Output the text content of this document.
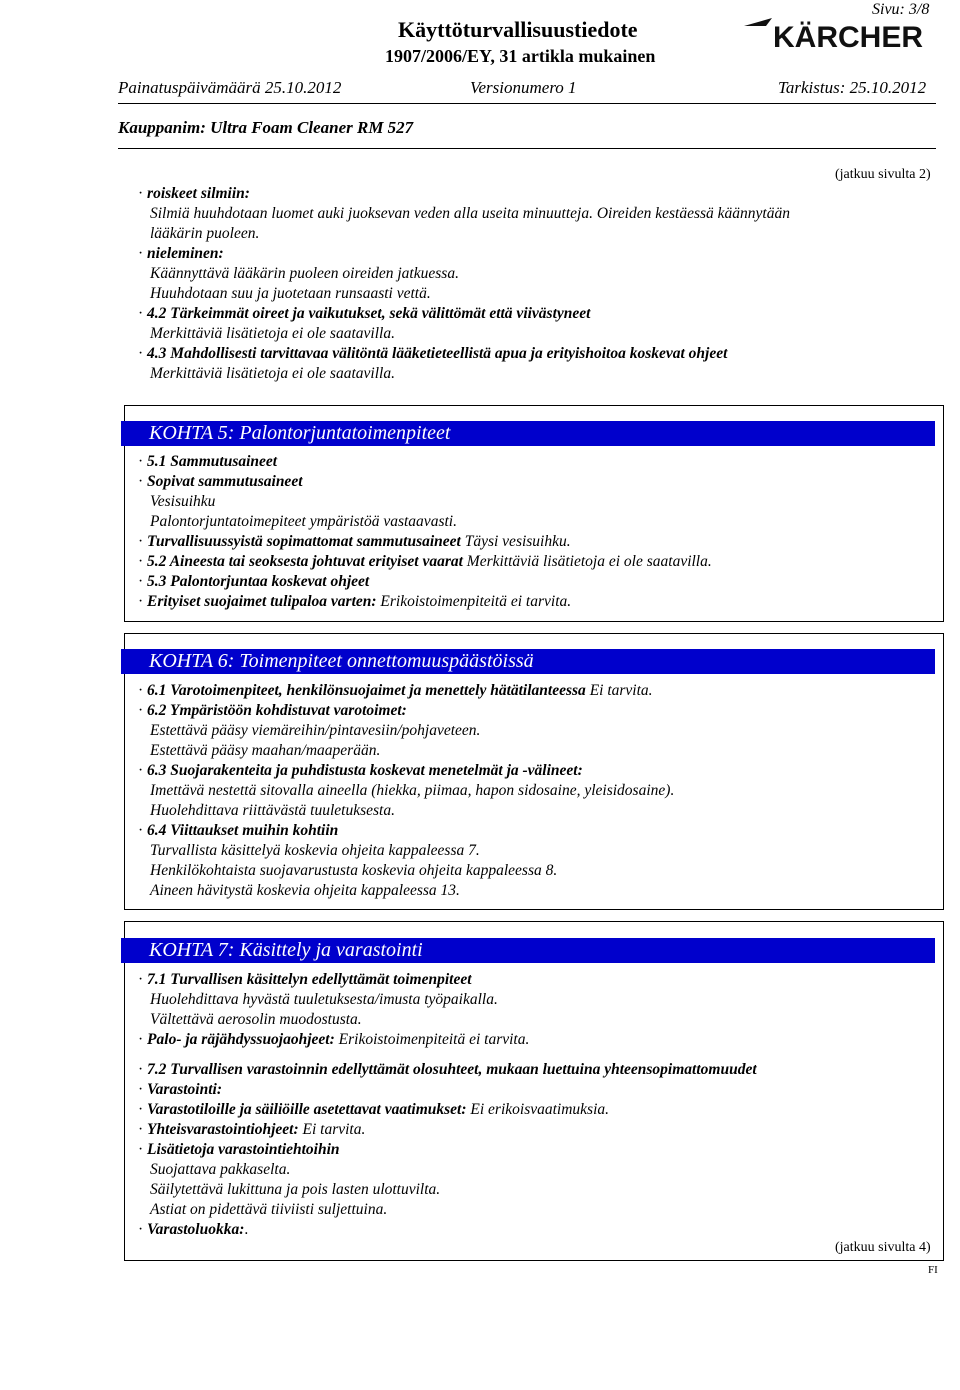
Sivu: 3/8
Käyttöturvallisuustiedote
1907/2006/EY, 31 artikla mukainen
KÄRCHER
Painatuspäivämäärä 25.10.2012	Versionumero 1	Tarkistus: 25.10.2012
Kauppanim: Ultra Foam Cleaner RM 527
(jatkuu sivulta 2)
· roiskeet silmiin:
Silmiä huuhdotaan luomet auki juoksevan veden alla useita minuutteja. Oireiden kestäessä käännytään
lääkärin puoleen.
· nieleminen:
Käännyttävä lääkärin puoleen oireiden jatkuessa.
Huuhdotaan suu ja juotetaan runsaasti vettä.
· 4.2 Tärkeimmät oireet ja vaikutukset, sekä välittömät että viivästyneet
Merkittäviä lisätietoja ei ole saatavilla.
· 4.3 Mahdollisesti tarvittavaa välitöntä lääketieteellistä apua ja erityishoitoa koskevat ohjeet
Merkittäviä lisätietoja ei ole saatavilla.
KOHTA 5: Palontorjuntatoimenpiteet
· 5.1 Sammutusaineet
· Sopivat sammutusaineet
Vesisuihku
Palontorjuntatoimepiteet ympäristöä vastaavasti.
· Turvallisuussyistä sopimattomat sammutusaineet Täysi vesisuihku.
· 5.2 Aineesta tai seoksesta johtuvat erityiset vaarat Merkittäviä lisätietoja ei ole saatavilla.
· 5.3 Palontorjuntaa koskevat ohjeet
· Erityiset suojaimet tulipaloa varten: Erikoistoimenpiteitä ei tarvita.
KOHTA 6: Toimenpiteet onnettomuuspäästöissä
· 6.1 Varotoimenpiteet, henkilönsuojaimet ja menettely hätätilanteessa Ei tarvita.
· 6.2 Ympäristöön kohdistuvat varotoimet:
Estettävä pääsy viemäreihin/pintavesiin/pohjaveteen.
Estettävä pääsy maahan/maaperään.
· 6.3 Suojarakenteita ja puhdistusta koskevat menetelmät ja -välineet:
Imettävä nestettä sitovalla aineella (hiekka, piimaa, hapon sidosaine, yleisidosaine).
Huolehdittava riittävästä tuuletuksesta.
· 6.4 Viittaukset muihin kohtiin
Turvallista käsittelyä koskevia ohjeita kappaleessa 7.
Henkilökohtaista suojavarustusta koskevia ohjeita kappaleessa 8.
Aineen hävitystä koskevia ohjeita kappaleessa 13.
KOHTA 7: Käsittely ja varastointi
· 7.1 Turvallisen käsittelyn edellyttämät toimenpiteet
Huolehdittava hyvästä tuuletuksesta/imusta työpaikalla.
Vältettävä aerosolin muodostusta.
· Palo- ja räjähdyssuojaohjeet: Erikoistoimenpiteitä ei tarvita.
· 7.2 Turvallisen varastoinnin edellyttämät olosuhteet, mukaan luettuina yhteensopimattomuudet
· Varastointi:
· Varastotiloille ja säiliöille asetettavat vaatimukset: Ei erikoisvaatimuksia.
· Yhteisvarastointiohjeet: Ei tarvita.
· Lisätietoja varastointiehtoihin
Suojattava pakkaselta.
Säilytettävä lukittuna ja pois lasten ulottuvilta.
Astiat on pidettävä tiiviisti suljettuina.
· Varastoluokka:.
(jatkuu sivulta 4)
FI
